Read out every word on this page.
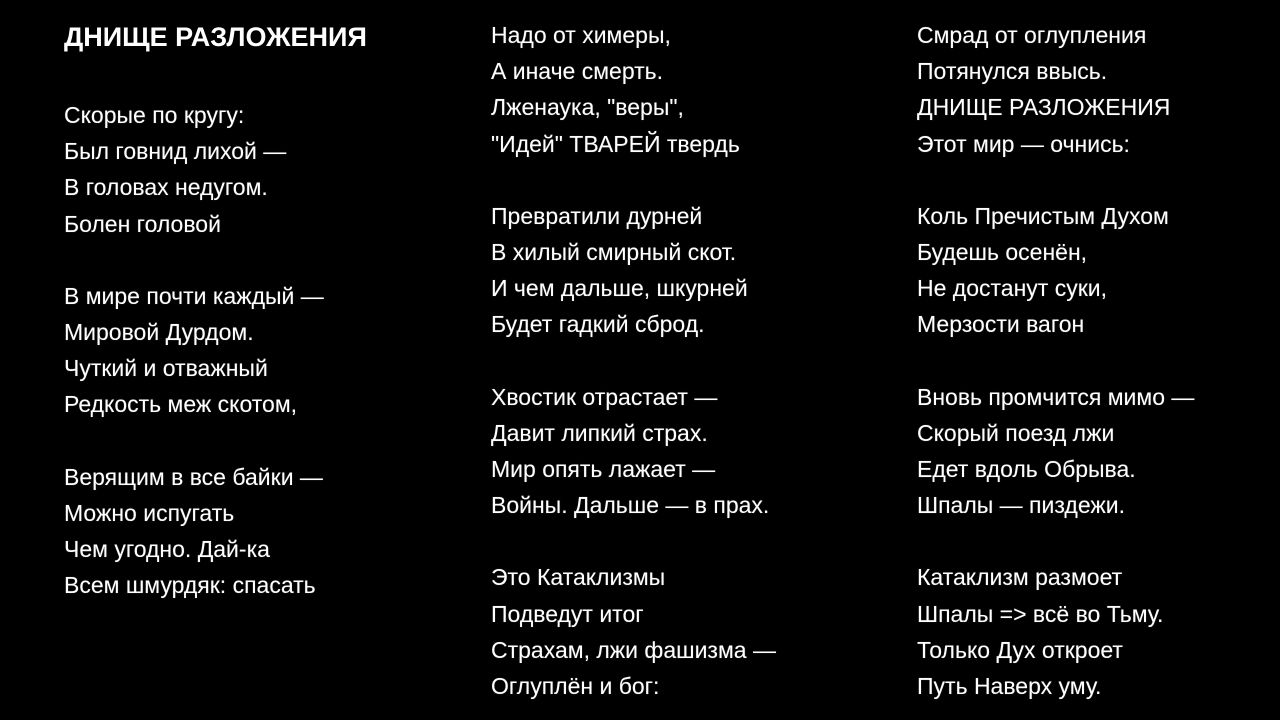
ДНИЩЕ РАЗЛОЖЕНИЯ
Скорые по кругу:
Был говнид лихой —
В головах недугом.
Болен головой
В мире почти каждый —
Мировой Дурдом.
Чуткий и отважный
Редкость меж скотом,
Верящим в все байки —
Можно испугать
Чем угодно. Дай-ка
Всем шмурдяк: спасать
Надо от химеры,
А иначе смерть.
Лженаука, "веры",
"Идей" ТВАРЕЙ твердь
Превратили дурней
В хилый смирный скот.
И чем дальше, шкурней
Будет гадкий сброд.
Хвостик отрастает —
Давит липкий страх.
Мир опять лажает —
Войны. Дальше — в прах.
Это Катаклизмы
Подведут итог
Страхам, лжи фашизма —
Оглуплён и бог:
Смрад от оглупления
Потянулся ввысь.
ДНИЩЕ РАЗЛОЖЕНИЯ
Этот мир — очнись:
Коль Пречистым Духом
Будешь осенён,
Не достанут суки,
Мерзости вагон
Вновь промчится мимо —
Скорый поезд лжи
Едет вдоль Обрыва.
Шпалы — пиздежи.
Катаклизм размоет
Шпалы => всё во Тьму.
Только Дух откроет
Путь Наверх уму.
